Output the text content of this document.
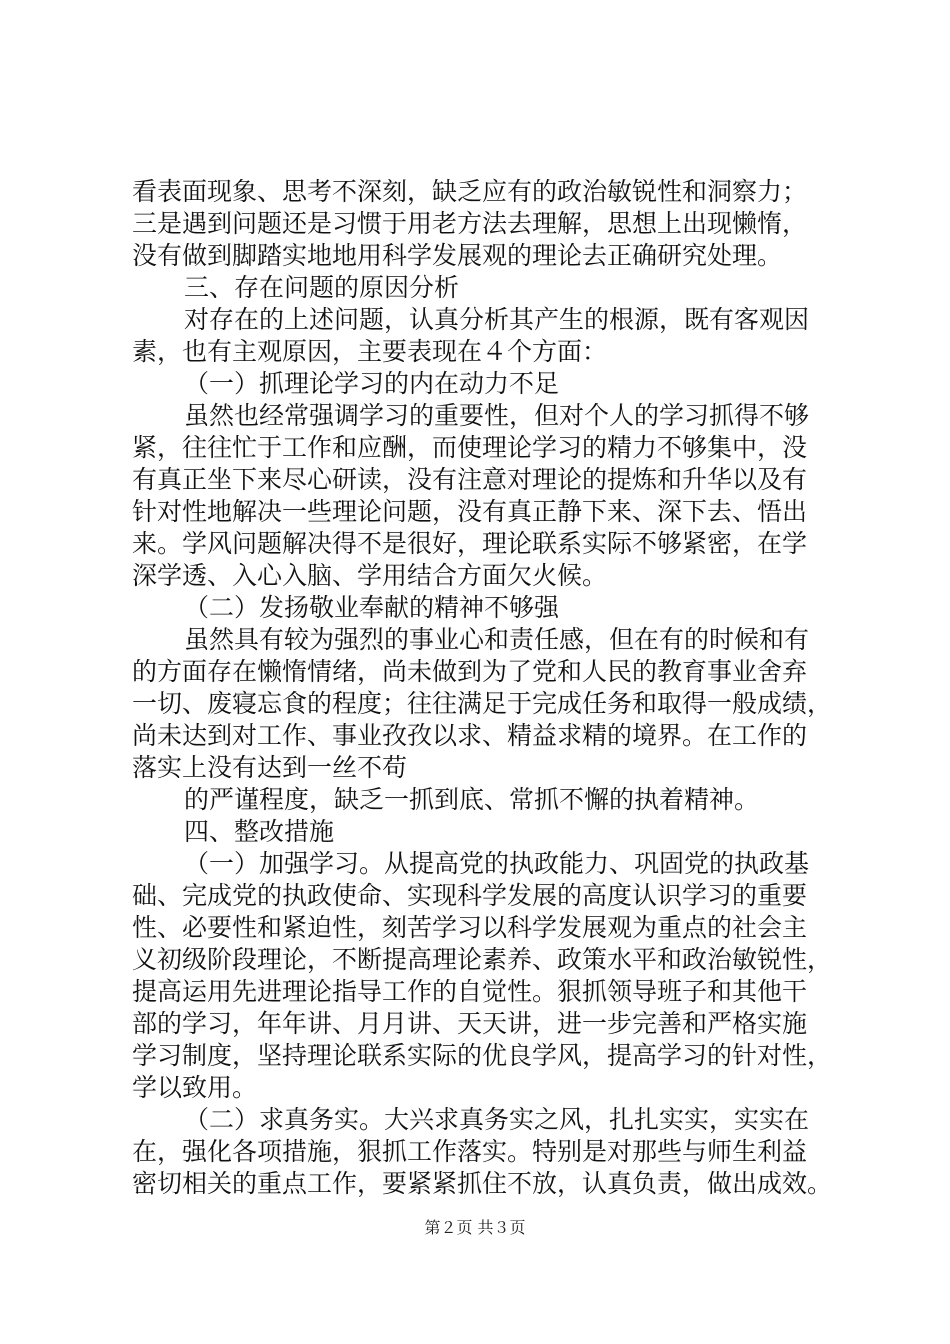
看表面现象、思考不深刻，缺乏应有的政治敏锐性和洞察力；
三是遇到问题还是习惯于用老方法去理解，思想上出现懒惰，
没有做到脚踏实地地用科学发展观的理论去正确研究处理。
三、存在问题的原因分析
对存在的上述问题，认真分析其产生的根源，既有客观因
素，也有主观原因，主要表现在４个方面：
（一）抓理论学习的内在动力不足
虽然也经常强调学习的重要性，但对个人的学习抓得不够
紧，往往忙于工作和应酬，而使理论学习的精力不够集中，没
有真正坐下来尽心研读，没有注意对理论的提炼和升华以及有
针对性地解决一些理论问题，没有真正静下来、深下去、悟出
来。学风问题解决得不是很好，理论联系实际不够紧密，在学
深学透、入心入脑、学用结合方面欠火候。
（二）发扬敬业奉献的精神不够强
虽然具有较为强烈的事业心和责任感，但在有的时候和有
的方面存在懒惰情绪，尚未做到为了党和人民的教育事业舍弃
一切、废寝忘食的程度；往往满足于完成任务和取得一般成绩，
尚未达到对工作、事业孜孜以求、精益求精的境界。在工作的
落实上没有达到一丝不苟
的严谨程度，缺乏一抓到底、常抓不懈的执着精神。
四、整改措施
（一）加强学习。从提高党的执政能力、巩固党的执政基
础、完成党的执政使命、实现科学发展的高度认识学习的重要
性、必要性和紧迫性，刻苦学习以科学发展观为重点的社会主
义初级阶段理论，不断提高理论素养、政策水平和政治敏锐性，
提高运用先进理论指导工作的自觉性。狠抓领导班子和其他干
部的学习，年年讲、月月讲、天天讲，进一步完善和严格实施
学习制度，坚持理论联系实际的优良学风，提高学习的针对性，
学以致用。
（二）求真务实。大兴求真务实之风，扎扎实实，实实在
在，强化各项措施，狠抓工作落实。特别是对那些与师生利益
密切相关的重点工作，要紧紧抓住不放，认真负责，做出成效。
第２页 共３页
